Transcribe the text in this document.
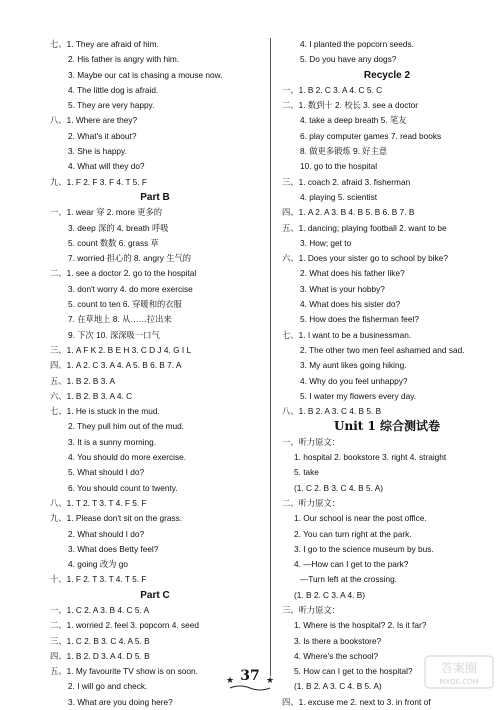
七、1. They are afraid of him.
2. His father is angry with him.
3. Maybe our cat is chasing a mouse now.
4. The little dog is afraid.
5. They are very happy.
八、1. Where are they?
2. What's it about?
3. She is happy.
4. What will they do?
九、1. F 2. F 3. F 4. T 5. F
Part B
一、1. wear 穿 2. more 更多的
3. deep 深的 4. breath 呼吸
5. count 数数 6. grass 草
7. worried 担心的 8. angry 生气的
二、1. see a doctor 2. go to the hospital
3. don't worry 4. do more exercise
5. count to ten 6. 穿暖和的衣服
7. 在草地上 8. 从……拉出来
9. 下次 10. 深深吸一口气
三、1. A F K 2. B E H 3. C D J 4. G I L
四、1. A 2. C 3. A 4. A 5. B 6. B 7. A
五、1. B 2. B 3. A
六、1. B 2. B 3. A 4. C
七、1. He is stuck in the mud.
2. They pull him out of the mud.
3. It is a sunny morning.
4. You should do more exercise.
5. What should I do?
6. You should count to twenty.
八、1. T 2. T 3. T 4. F 5. F
九、1. Please don't sit on the grass.
2. What should I do?
3. What does Betty feel?
4. going 改为 go
十、1. F 2. T 3. T 4. T 5. F
Part C
一、1. C 2. A 3. B 4. C 5. A
二、1. worried 2. feel 3. popcorn 4. seed
三、1. C 2. B 3. C 4. A 5. B
四、1. B 2. D 3. A 4. D 5. B
五、1. My favourite TV show is on soon.
2. I will go and check.
3. What are you doing here?
4. I planted the popcorn seeds.
5. Do you have any dogs?
Recycle 2
一、1. B 2. C 3. A 4. C 5. C
二、1. 数到十 2. 校长 3. see a doctor
4. take a deep breath 5. 笔友
6. play computer games 7. read books
8. 做更多锻炼 9. 好主意
10. go to the hospital
三、1. coach 2. afraid 3. fisherman
4. playing 5. scientist
四、1. A 2. A 3. B 4. B 5. B 6. B 7. B
五、1. dancing; playing football 2. want to be
3. How; get to
六、1. Does your sister go to school by bike?
2. What does his father like?
3. What is your hobby?
4. What does his sister do?
5. How does the fisherman feel?
七、1. I want to be a businessman.
2. The other two men feel ashamed and sad.
3. My aunt likes going hiking.
4. Why do you feel unhappy?
5. I water my flowers every day.
八、1. B 2. A 3. C 4. B 5. B
Unit 1 综合测试卷
一、听力原文：
1. hospital 2. bookstore 3. right 4. straight
5. take
(1. C 2. B 3. C 4. B 5. A)
二、听力原文：
1. Our school is near the post office.
2. You can turn right at the park.
3. I go to the science museum by bus.
4. —How can I get to the park?
—Turn left at the crossing.
(1. B 2. C 3. A 4. B)
三、听力原文：
1. Where is the hospital? 2. Is it far?
3. Is there a bookstore?
4. Where's the school?
5. How can I get to the hospital?
(1. B 2. A 3. C 4. B 5. A)
四、1. excuse me 2. next to 3. in front of
★ 37 ★
答案圈
MXQE.COM
